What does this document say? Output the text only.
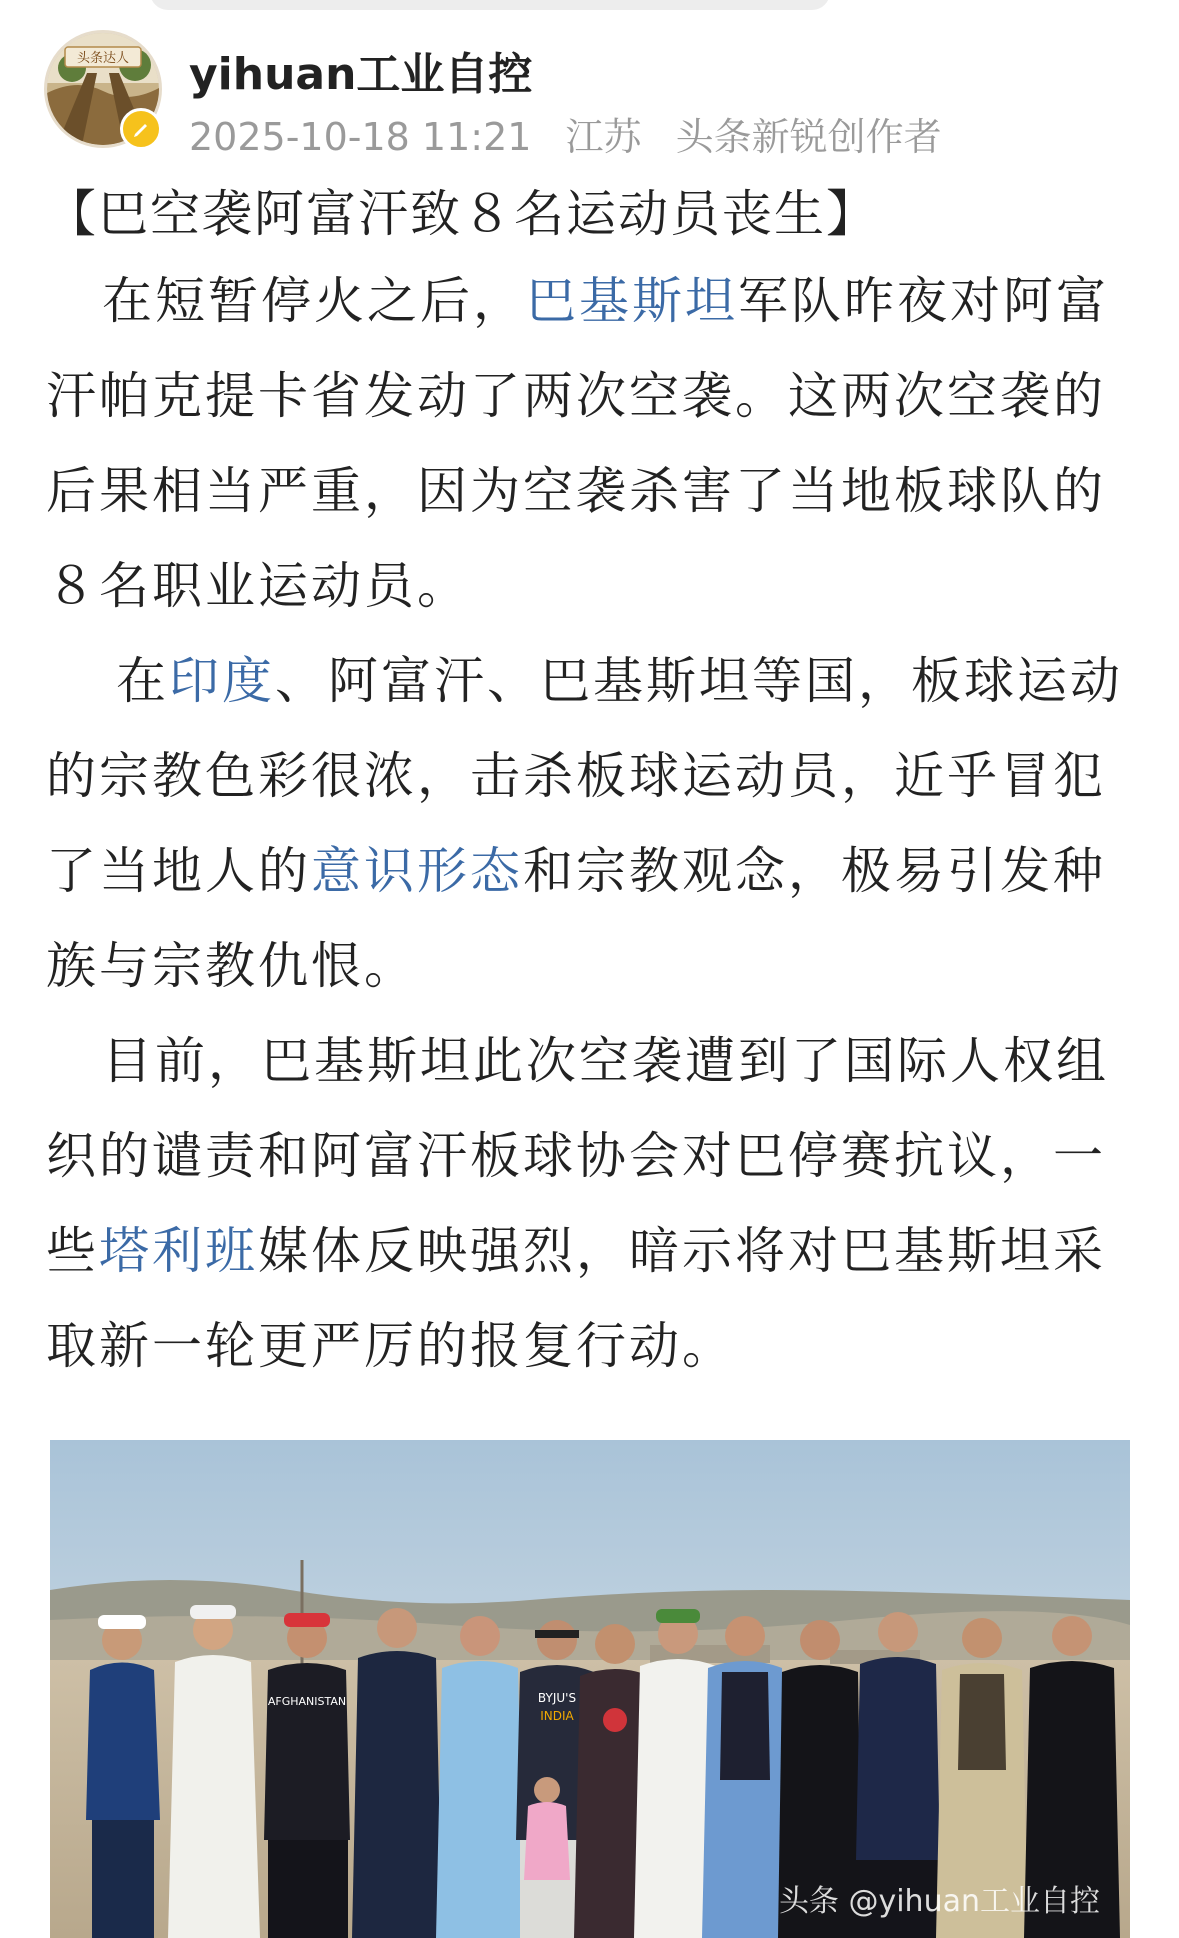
头条达人 yihuan工业自控
2025-10-18 11:21 江苏 头条新锐创作者

【巴空袭阿富汗致８名运动员丧生】

在短暂停火之后，巴基斯坦军队昨夜对阿富汗帕克提卡省发动了两次空袭。这两次空袭的后果相当严重，因为空袭杀害了当地板球队的８名职业运动员。

在印度、阿富汗、巴基斯坦等国，板球运动的宗教色彩很浓，击杀板球运动员，近乎冒犯了当地人的意识形态和宗教观念，极易引发种族与宗教仇恨。

目前，巴基斯坦此次空袭遭到了国际人权组织的谴责和阿富汗板球协会对巴停赛抗议，一些塔利班媒体反映强烈，暗示将对巴基斯坦采取新一轮更严厉的报复行动。

AFGHANISTAN	BYJU'S
INDIA
头条 @yihuan工业自控
